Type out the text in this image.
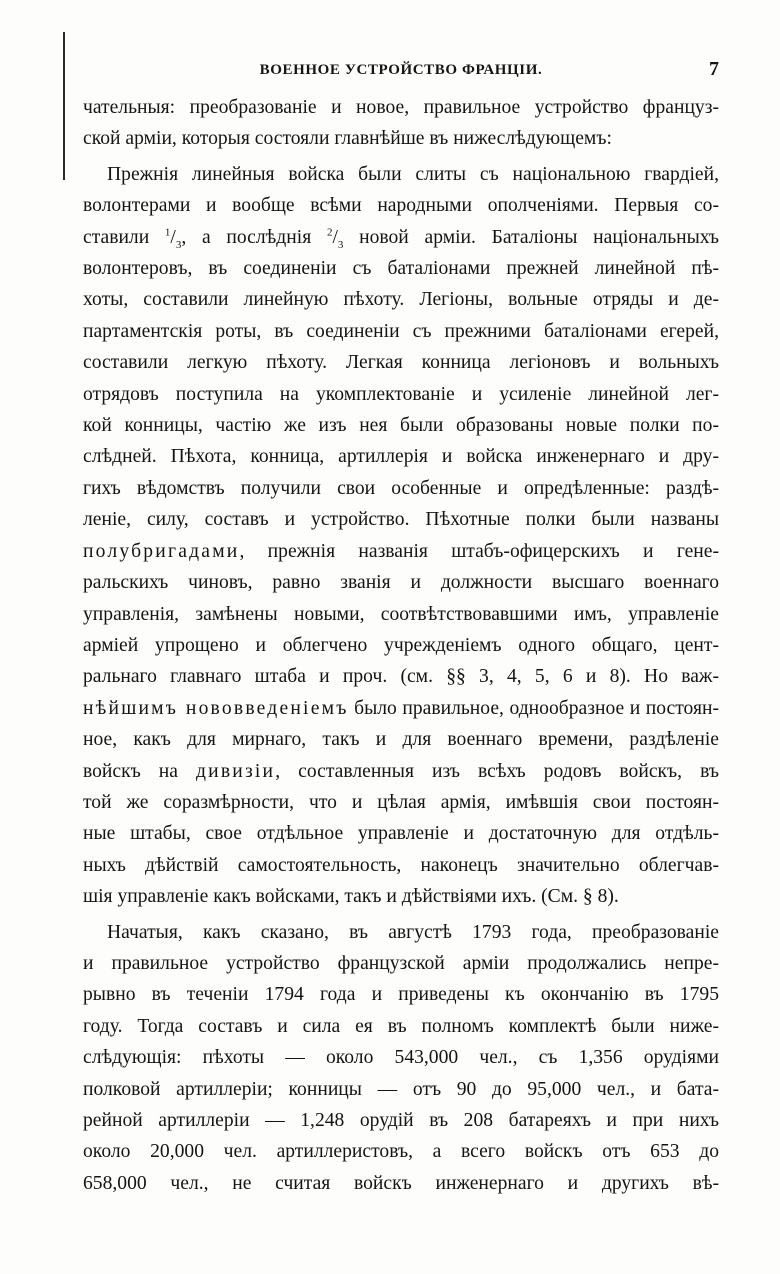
ВОЕННОЕ УСТРОЙСТВО ФРАНЦІИ.	7
чательныя: преобразованіе и новое, правильное устройство француз-
ской арміи, которыя состояли главнѣйше въ нижеслѣдующемъ:
Прежнія линейныя войска были слиты съ національною гвардіей,
волонтерами и вообще всѣми народными ополченіями. Первыя со-
ставили $^1/_3$, а послѣднія $^2/_3$ новой арміи. Баталіоны національныхъ
волонтеровъ, въ соединеніи съ баталіонами прежней линейной пѣ-
хоты, составили линейную пѣхоту. Легіоны, вольные отряды и де-
партаментскія роты, въ соединеніи съ прежними баталіонами егерей,
составили легкую пѣхоту. Легкая конница легіоновъ и вольныхъ
отрядовъ поступила на укомплектованіе и усиленіе линейной лег-
кой конницы, частію же изъ нея были образованы новые полки по-
слѣдней. Пѣхота, конница, артиллерія и войска инженернаго и дру-
гихъ вѣдомствъ получили свои особенные и опредѣленные: раздѣ-
леніе, силу, составъ и устройство. Пѣхотные полки были названы
полубригадами, прежнія названія штабъ-офицерскихъ и гене-
ральскихъ чиновъ, равно званія и должности высшаго военнаго
управленія, замѣнены новыми, соотвѣтствовавшими имъ, управленіе
арміей упрощено и облегчено учрежденіемъ одного общаго, цент-
ральнаго главнаго штаба и проч. (см. §§ 3, 4, 5, 6 и 8). Но важ-
нѣйшимъ нововведеніемъ было правильное, однообразное и постоян-
ное, какъ для мирнаго, такъ и для военнаго времени, раздѣленіе
войскъ на дивизіи, составленныя изъ всѣхъ родовъ войскъ, въ
той же соразмѣрности, что и цѣлая армія, имѣвшія свои постоян-
ные штабы, свое отдѣльное управленіе и достаточную для отдѣль-
ныхъ дѣйствій самостоятельность, наконецъ значительно облегчав-
шія управленіе какъ войсками, такъ и дѣйствіями ихъ. (См. § 8).
Начатыя, какъ сказано, въ августѣ 1793 года, преобразованіе
и правильное устройство французской арміи продолжались непре-
рывно въ теченіи 1794 года и приведены къ окончанію въ 1795
году. Тогда составъ и сила ея въ полномъ комплектѣ были ниже-
слѣдующія: пѣхоты — около 543,000 чел., съ 1,356 орудіями
полковой артиллеріи; конницы — отъ 90 до 95,000 чел., и бата-
рейной артиллеріи — 1,248 орудій въ 208 батареяхъ и при нихъ
около 20,000 чел. артиллеристовъ, а всего войскъ отъ 653 до
658,000 чел., не считая войскъ инженернаго и другихъ вѣ-
